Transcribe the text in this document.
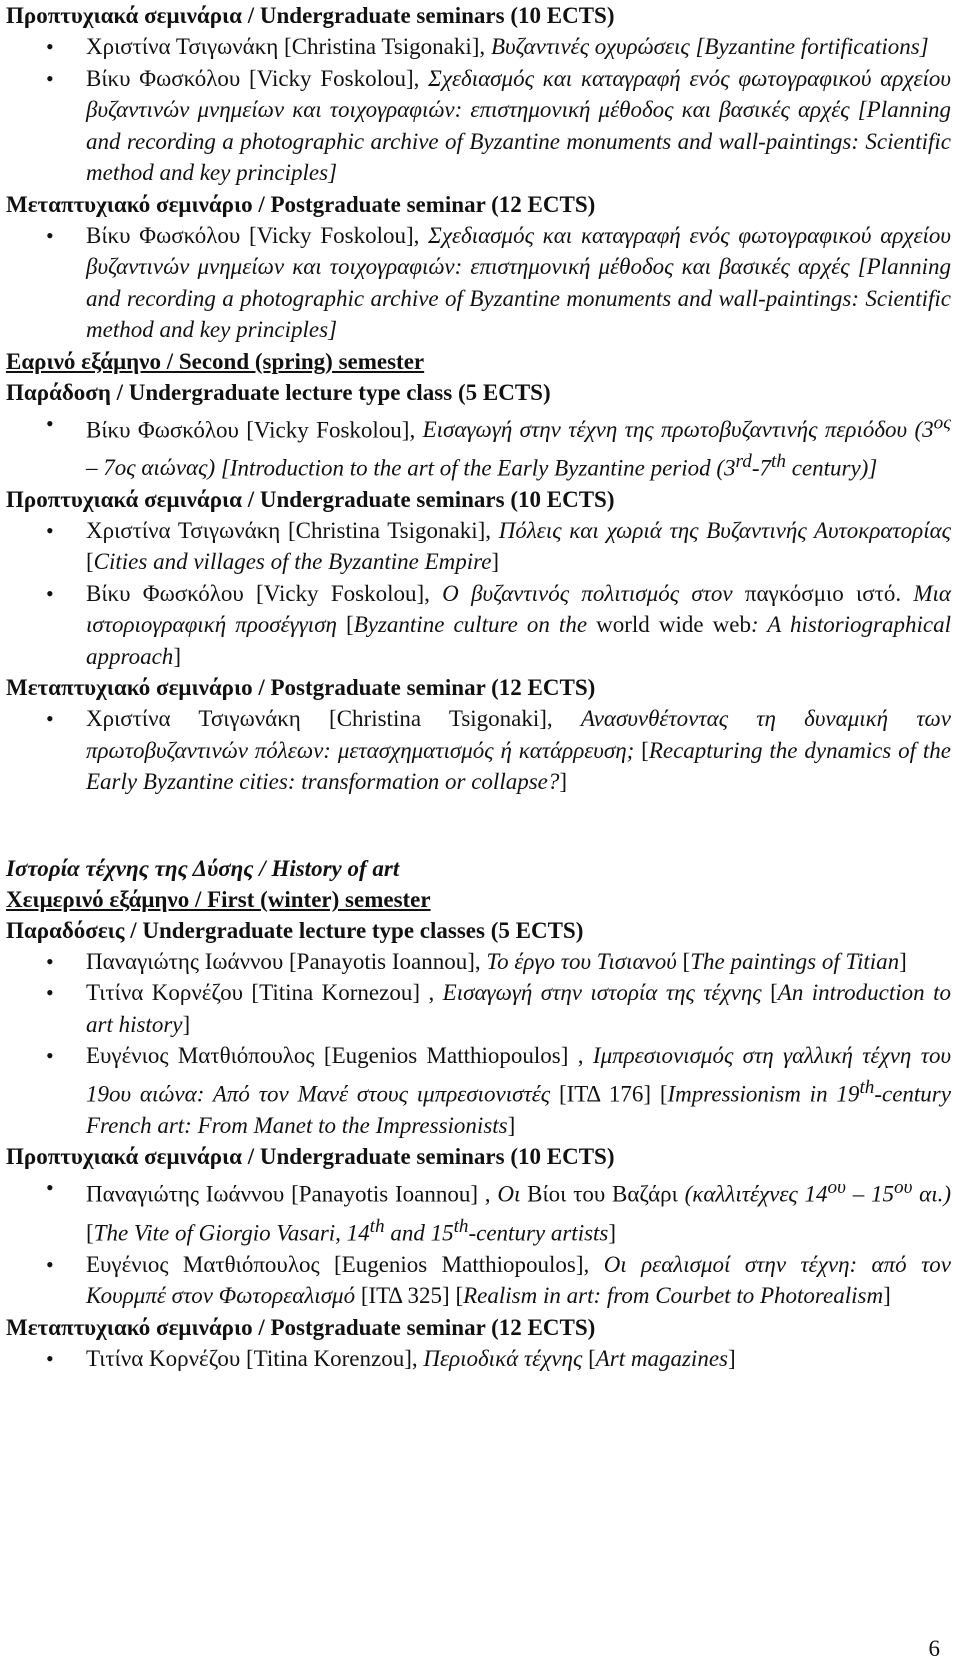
Προπτυχιακά σεμινάρια / Undergraduate seminars (10 ECTS)

• Χριστίνα Τσιγωνάκη [Christina Tsigonaki], Βυζαντινές οχυρώσεις [Byzantine fortifications]
• Βίκυ Φωσκόλου [Vicky Foskolou], Σχεδιασμός και καταγραφή ενός φωτογραφικού αρχείου βυζαντινών μνημείων και τοιχογραφιών: επιστημονική μέθοδος και βασικές αρχές [Planning and recording a photographic archive of Byzantine monuments and wall-paintings: Scientific method and key principles]

Μεταπτυχιακό σεμινάριο / Postgraduate seminar (12 ECTS)

• Βίκυ Φωσκόλου [Vicky Foskolou], Σχεδιασμός και καταγραφή ενός φωτογραφικού αρχείου βυζαντινών μνημείων και τοιχογραφιών: επιστημονική μέθοδος και βασικές αρχές [Planning and recording a photographic archive of Byzantine monuments and wall-paintings: Scientific method and key principles]

Εαρινό εξάμηνο / Second (spring) semester

Παράδοση / Undergraduate lecture type class (5 ECTS)

• Βίκυ Φωσκόλου [Vicky Foskolou], Εισαγωγή στην τέχνη της πρωτοβυζαντινής περιόδου ($3^{o\varsigma} - 7o\varsigma$ αιώνας) [Introduction to the art of the Early Byzantine period (3rd-7th century)]

Προπτυχιακά σεμινάρια / Undergraduate seminars (10 ECTS)

• Χριστίνα Τσιγωνάκη [Christina Tsigonaki], Πόλεις και χωριά της Βυζαντινής Αυτοκρατορίας [Cities and villages of the Byzantine Empire]
• Βίκυ Φωσκόλου [Vicky Foskolou], Ο βυζαντινός πολιτισμός στον παγκόσμιο ιστό. Μια ιστοριογραφική προσέγγιση [Byzantine culture on the world wide web: A historiographical approach]

Μεταπτυχιακό σεμινάριο / Postgraduate seminar (12 ECTS)

• Χριστίνα Τσιγωνάκη [Christina Tsigonaki], Ανασυνθέτοντας τη δυναμική των πρωτοβυζαντινών πόλεων: μετασχηματισμός ή κατάρρευση; [Recapturing the dynamics of the Early Byzantine cities: transformation or collapse?]

Ιστορία τέχνης της Δύσης / History of art

Χειμερινό εξάμηνο / First (winter) semester

Παραδόσεις / Undergraduate lecture type classes (5 ECTS)

• Παναγιώτης Ιωάννου [Panayotis Ioannou], Το έργο του Τισιανού [The paintings of Titian]
• Τιτίνα Κορνέζου [Titina Kornezou] , Εισαγωγή στην ιστορία της τέχνης [An introduction to art history]
• Ευγένιος Ματθιόπουλος [Eugenios Matthiopoulos] , Ιμπρεσιονισμός στη γαλλική τέχνη του 19ου αιώνα: Από τον Μανέ στους ιμπρεσιονιστές [ΙΤΔ 176] [Impressionism in 19th-century French art: From Manet to the Impressionists]

Προπτυχιακά σεμινάρια / Undergraduate seminars (10 ECTS)

• Παναγιώτης Ιωάννου [Panayotis Ioannou] , Οι Βίοι του Βαζάρι (καλλιτέχνες $14^{o\upsilon} - 15^{o\upsilon}$ αι.) [The Vite of Giorgio Vasari, 14th and 15th-century artists]
• Ευγένιος Ματθιόπουλος [Eugenios Matthiopoulos], Οι ρεαλισμοί στην τέχνη: από τον Κουρμπέ στον Φωτορεαλισμό [ΙΤΔ 325] [Realism in art: from Courbet to Photorealism]

Μεταπτυχιακό σεμινάριο / Postgraduate seminar (12 ECTS)

• Τιτίνα Κορνέζου [Titina Korenzou], Περιοδικά τέχνης [Art magazines]
6
